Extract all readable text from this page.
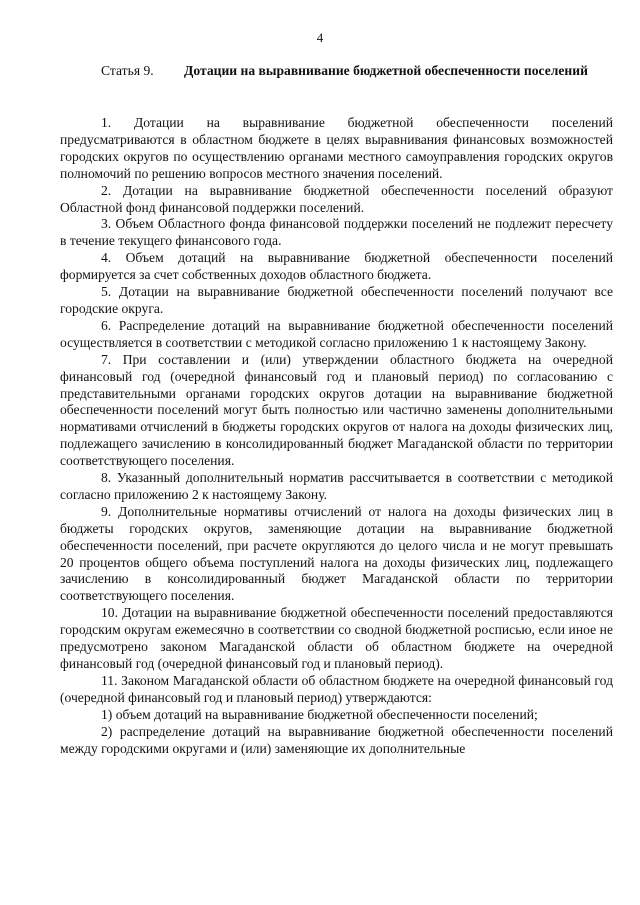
4
Статья 9. Дотации на выравнивание бюджетной обеспеченности поселений

1. Дотации на выравнивание бюджетной обеспеченности поселений предусматриваются в областном бюджете в целях выравнивания финансовых возможностей городских округов по осуществлению органами местного самоуправления городских округов полномочий по решению вопросов местного значения поселений.

2. Дотации на выравнивание бюджетной обеспеченности поселений образуют Областной фонд финансовой поддержки поселений.

3. Объем Областного фонда финансовой поддержки поселений не подлежит пересчету в течение текущего финансового года.

4. Объем дотаций на выравнивание бюджетной обеспеченности поселений формируется за счет собственных доходов областного бюджета.

5. Дотации на выравнивание бюджетной обеспеченности поселений получают все городские округа.

6. Распределение дотаций на выравнивание бюджетной обеспеченности поселений осуществляется в соответствии с методикой согласно приложению 1 к настоящему Закону.

7. При составлении и (или) утверждении областного бюджета на очередной финансовый год (очередной финансовый год и плановый период) по согласованию с представительными органами городских округов дотации на выравнивание бюджетной обеспеченности поселений могут быть полностью или частично заменены дополнительными нормативами отчислений в бюджеты городских округов от налога на доходы физических лиц, подлежащего зачислению в консолидированный бюджет Магаданской области по территории соответствующего поселения.

8. Указанный дополнительный норматив рассчитывается в соответствии с методикой согласно приложению 2 к настоящему Закону.

9. Дополнительные нормативы отчислений от налога на доходы физических лиц в бюджеты городских округов, заменяющие дотации на выравнивание бюджетной обеспеченности поселений, при расчете округляются до целого числа и не могут превышать 20 процентов общего объема поступлений налога на доходы физических лиц, подлежащего зачислению в консолидированный бюджет Магаданской области по территории соответствующего поселения.

10. Дотации на выравнивание бюджетной обеспеченности поселений предоставляются городским округам ежемесячно в соответствии со сводной бюджетной росписью, если иное не предусмотрено законом Магаданской области об областном бюджете на очередной финансовый год (очередной финансовый год и плановый период).

11. Законом Магаданской области об областном бюджете на очередной финансовый год (очередной финансовый год и плановый период) утверждаются:

1) объем дотаций на выравнивание бюджетной обеспеченности поселений;

2) распределение дотаций на выравнивание бюджетной обеспеченности поселений между городскими округами и (или) заменяющие их дополнительные
